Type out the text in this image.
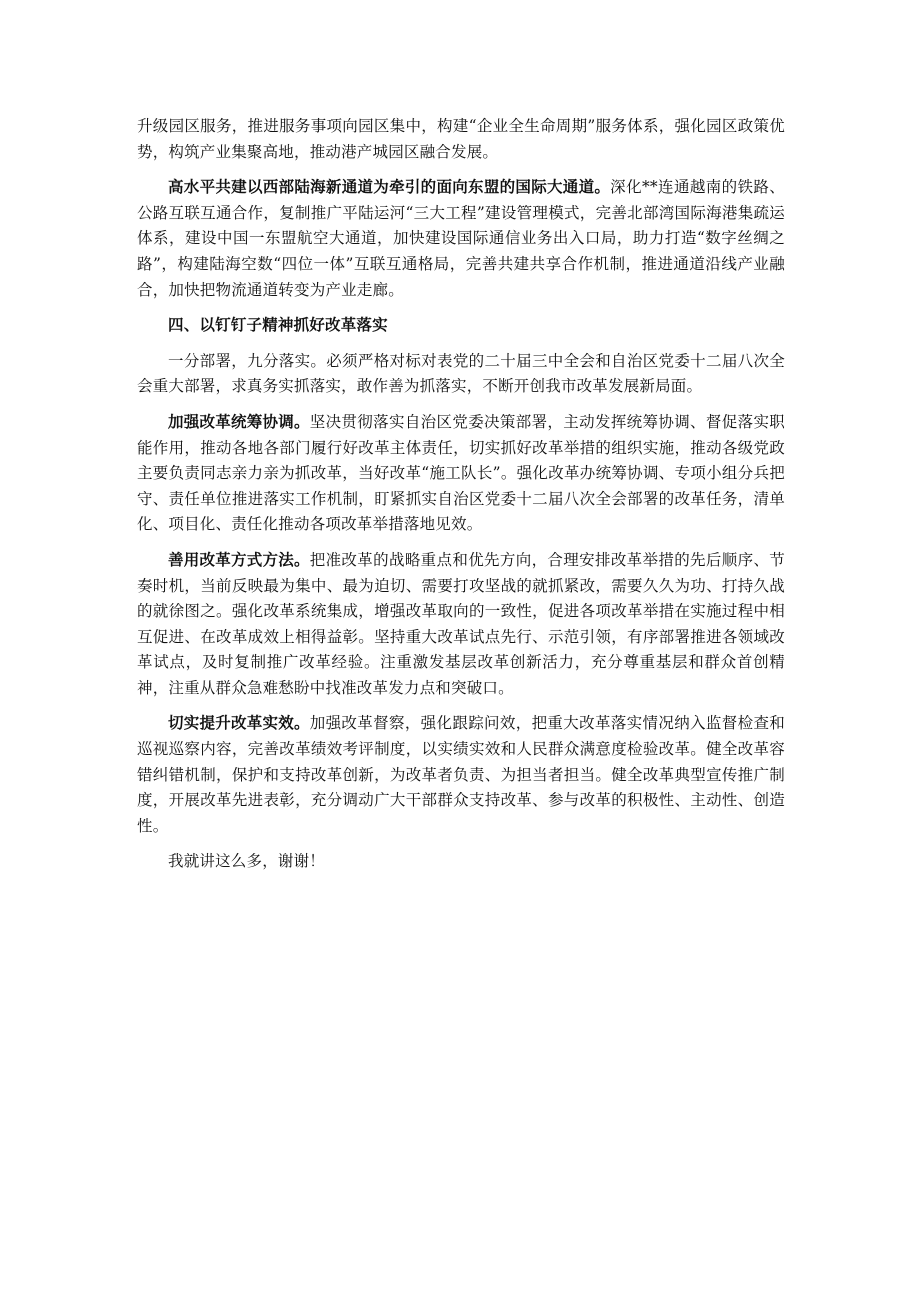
升级园区服务，推进服务事项向园区集中，构建“企业全生命周期”服务体系，强化园区政策优势，构筑产业集聚高地，推动港产城园区融合发展。

高水平共建以西部陆海新通道为牵引的面向东盟的国际大通道。深化**连通越南的铁路、公路互联互通合作，复制推广平陆运河“三大工程”建设管理模式，完善北部湾国际海港集疏运体系，建设中国一东盟航空大通道，加快建设国际通信业务出入口局，助力打造“数字丝绸之路”，构建陆海空数“四位一体”互联互通格局，完善共建共享合作机制，推进通道沿线产业融合，加快把物流通道转变为产业走廊。

四、以钉钉子精神抓好改革落实

一分部署，九分落实。必须严格对标对表党的二十届三中全会和自治区党委十二届八次全会重大部署，求真务实抓落实，敢作善为抓落实，不断开创我市改革发展新局面。

加强改革统筹协调。坚决贯彻落实自治区党委决策部署，主动发挥统筹协调、督促落实职能作用，推动各地各部门履行好改革主体责任，切实抓好改革举措的组织实施，推动各级党政主要负责同志亲力亲为抓改革，当好改革“施工队长”。强化改革办统筹协调、专项小组分兵把守、责任单位推进落实工作机制，盯紧抓实自治区党委十二届八次全会部署的改革任务，清单化、项目化、责任化推动各项改革举措落地见效。

善用改革方式方法。把准改革的战略重点和优先方向，合理安排改革举措的先后顺序、节奏时机，当前反映最为集中、最为迫切、需要打攻坚战的就抓紧改，需要久久为功、打持久战的就徐图之。强化改革系统集成，增强改革取向的一致性，促进各项改革举措在实施过程中相互促进、在改革成效上相得益彰。坚持重大改革试点先行、示范引领，有序部署推进各领域改革试点，及时复制推广改革经验。注重激发基层改革创新活力，充分尊重基层和群众首创精神，注重从群众急难愁盼中找准改革发力点和突破口。

切实提升改革实效。加强改革督察，强化跟踪问效，把重大改革落实情况纳入监督检查和巡视巡察内容，完善改革绩效考评制度，以实绩实效和人民群众满意度检验改革。健全改革容错纠错机制，保护和支持改革创新，为改革者负责、为担当者担当。健全改革典型宣传推广制度，开展改革先进表彰，充分调动广大干部群众支持改革、参与改革的积极性、主动性、创造性。

我就讲这么多，谢谢！
